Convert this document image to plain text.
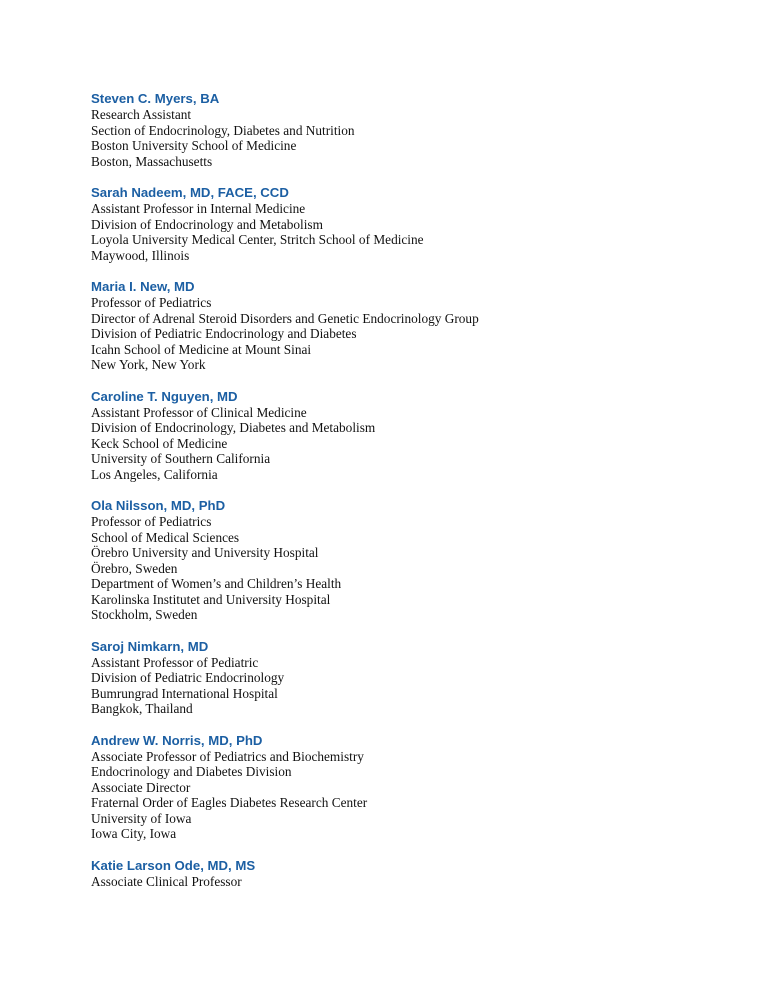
Steven C. Myers, BA
Research Assistant
Section of Endocrinology, Diabetes and Nutrition
Boston University School of Medicine
Boston, Massachusetts
Sarah Nadeem, MD, FACE, CCD
Assistant Professor in Internal Medicine
Division of Endocrinology and Metabolism
Loyola University Medical Center, Stritch School of Medicine
Maywood, Illinois
Maria I. New, MD
Professor of Pediatrics
Director of Adrenal Steroid Disorders and Genetic Endocrinology Group
Division of Pediatric Endocrinology and Diabetes
Icahn School of Medicine at Mount Sinai
New York, New York
Caroline T. Nguyen, MD
Assistant Professor of Clinical Medicine
Division of Endocrinology, Diabetes and Metabolism
Keck School of Medicine
University of Southern California
Los Angeles, California
Ola Nilsson, MD, PhD
Professor of Pediatrics
School of Medical Sciences
Örebro University and University Hospital
Örebro, Sweden
Department of Women’s and Children’s Health
Karolinska Institutet and University Hospital
Stockholm, Sweden
Saroj Nimkarn, MD
Assistant Professor of Pediatric
Division of Pediatric Endocrinology
Bumrungrad International Hospital
Bangkok, Thailand
Andrew W. Norris, MD, PhD
Associate Professor of Pediatrics and Biochemistry
Endocrinology and Diabetes Division
Associate Director
Fraternal Order of Eagles Diabetes Research Center
University of Iowa
Iowa City, Iowa
Katie Larson Ode, MD, MS
Associate Clinical Professor
